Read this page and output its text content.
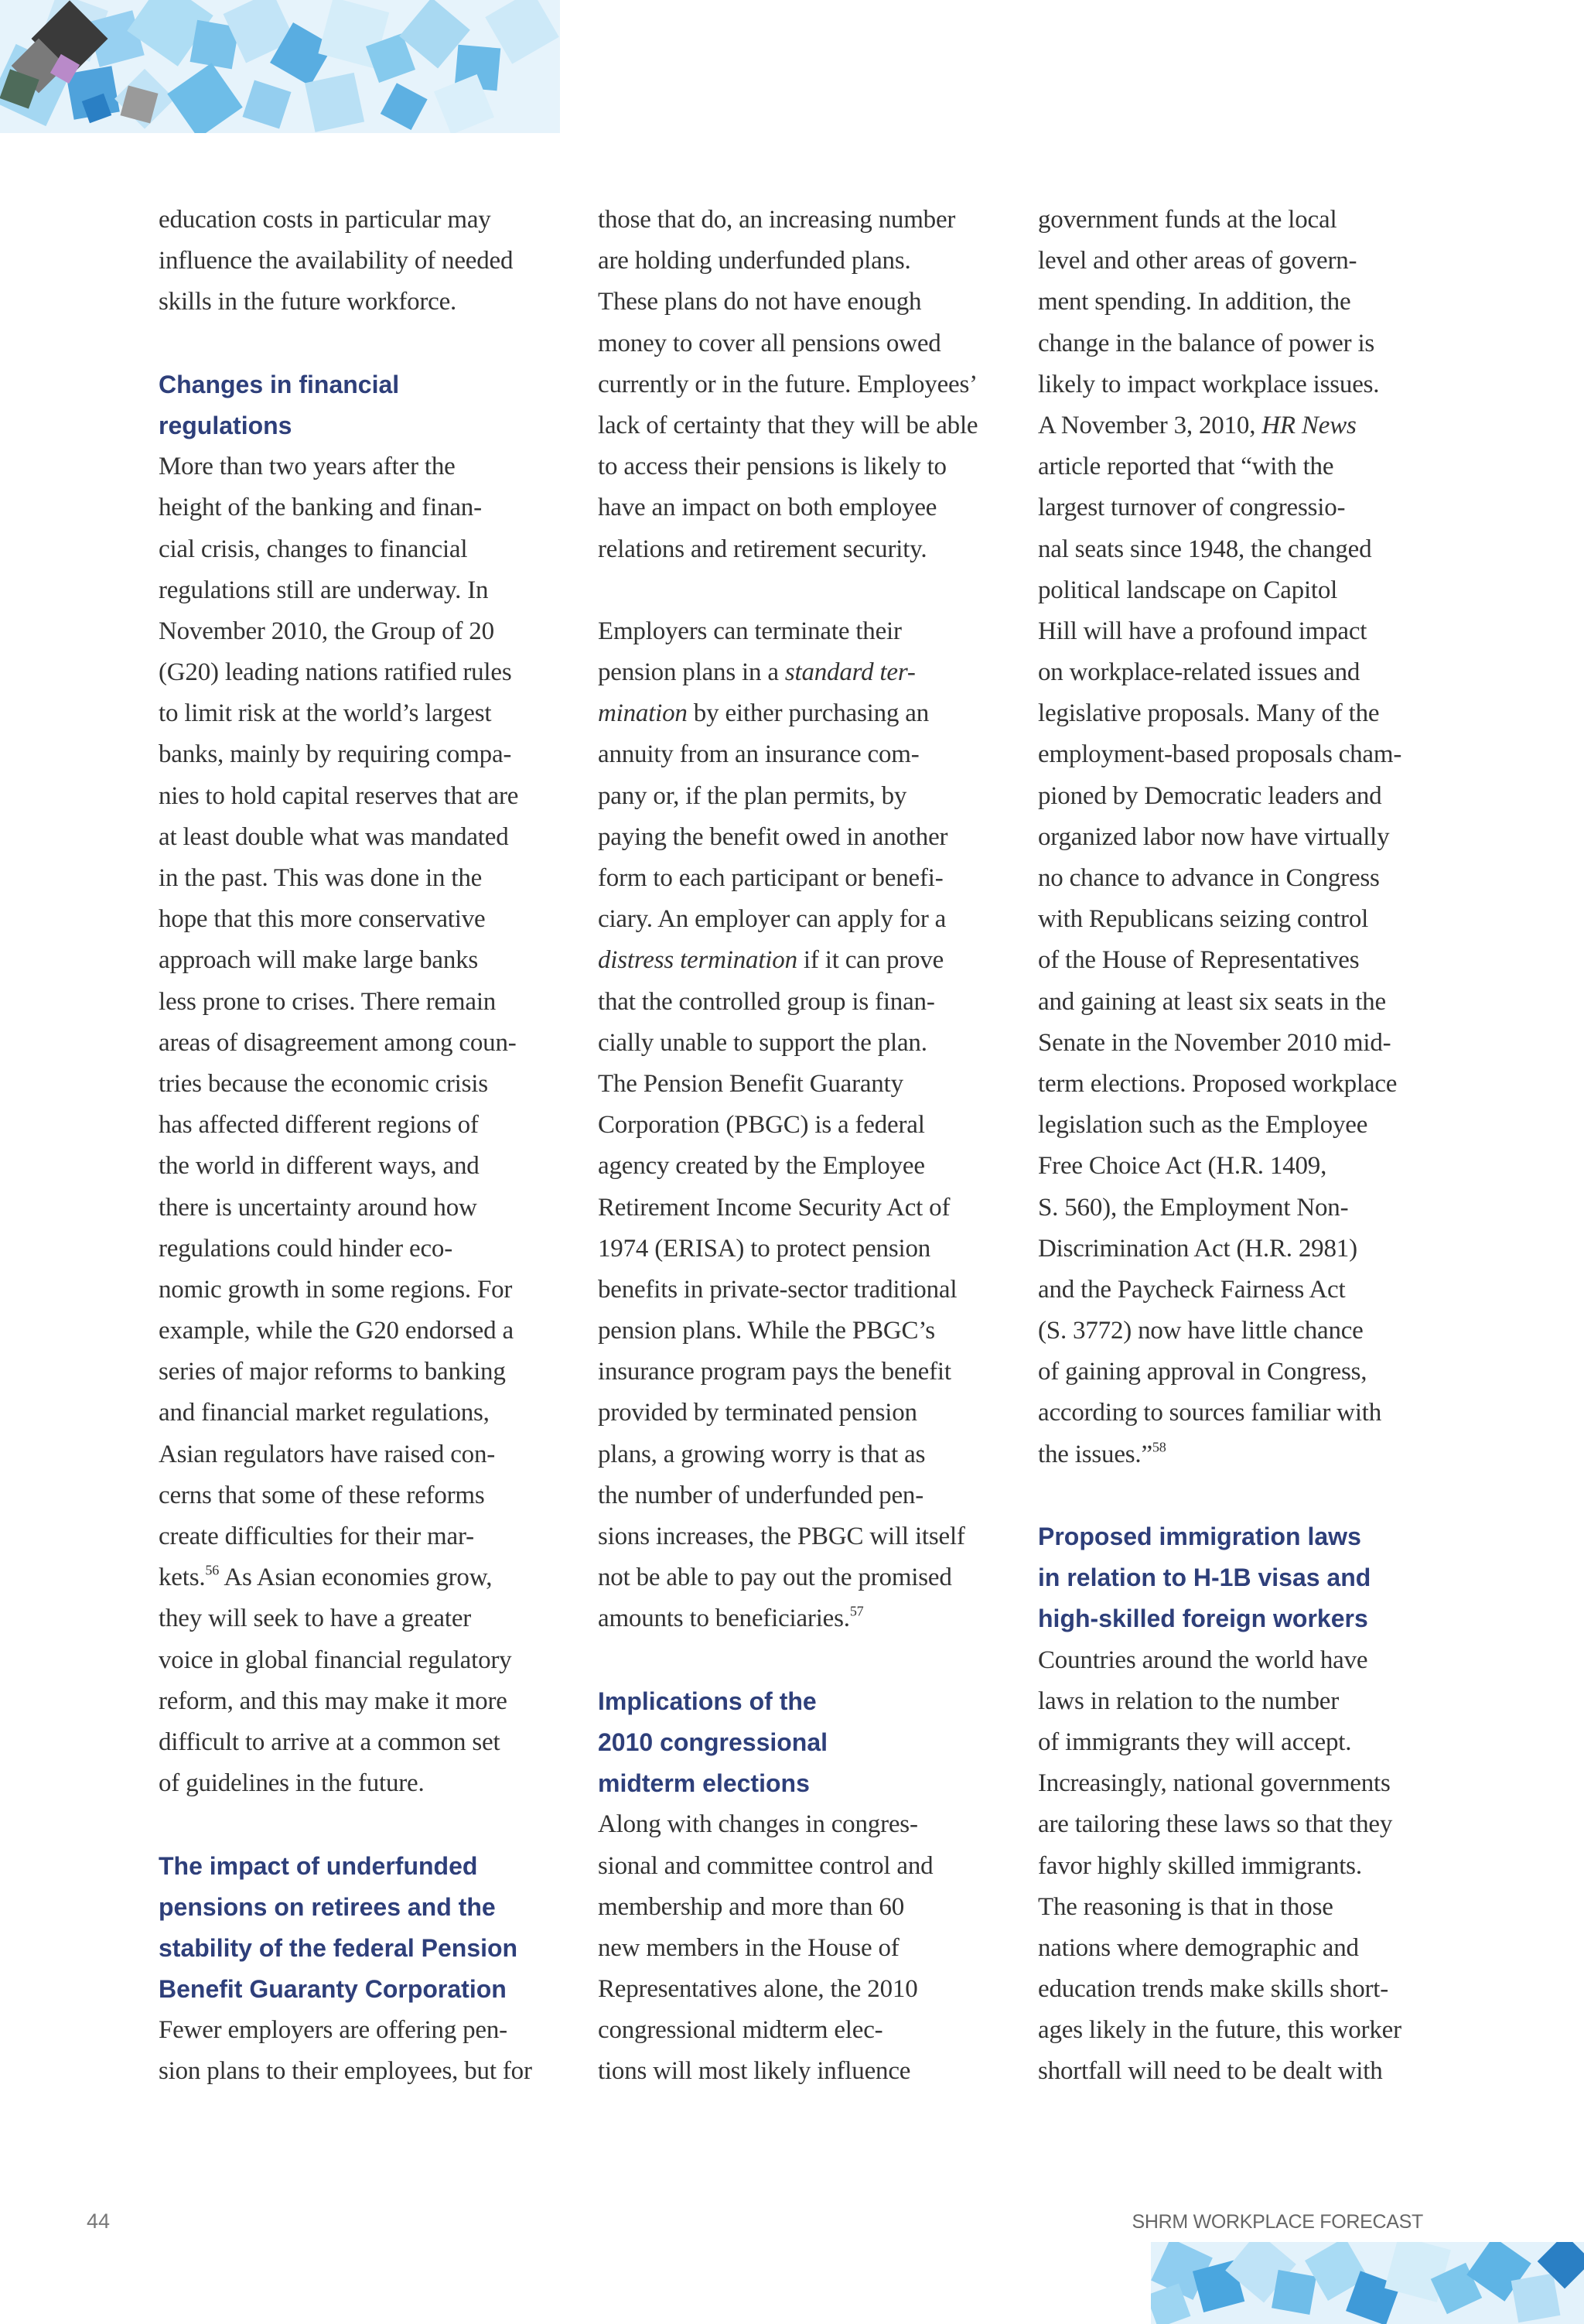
education costs in particular may
influence the availability of needed
skills in the future workforce.
Changes in financial
regulations
More than two years after the
height of the banking and finan-
cial crisis, changes to financial
regulations still are underway. In
November 2010, the Group of 20
(G20) leading nations ratified rules
to limit risk at the world’s largest
banks, mainly by requiring compa-
nies to hold capital reserves that are
at least double what was mandated
in the past. This was done in the
hope that this more conservative
approach will make large banks
less prone to crises. There remain
areas of disagreement among coun-
tries because the economic crisis
has affected different regions of
the world in different ways, and
there is uncertainty around how
regulations could hinder eco-
nomic growth in some regions. For
example, while the G20 endorsed a
series of major reforms to banking
and financial market regulations,
Asian regulators have raised con-
cerns that some of these reforms
create difficulties for their mar-
kets.$^{56}$ As Asian economies grow,
they will seek to have a greater
voice in global financial regulatory
reform, and this may make it more
difficult to arrive at a common set
of guidelines in the future.
The impact of underfunded
pensions on retirees and the
stability of the federal Pension
Benefit Guaranty Corporation
Fewer employers are offering pen-
sion plans to their employees, but for
those that do, an increasing number
are holding underfunded plans.
These plans do not have enough
money to cover all pensions owed
currently or in the future. Employees’
lack of certainty that they will be able
to access their pensions is likely to
have an impact on both employee
relations and retirement security.
Employers can terminate their
pension plans in a standard ter-
mination by either purchasing an
annuity from an insurance com-
pany or, if the plan permits, by
paying the benefit owed in another
form to each participant or benefi-
ciary. An employer can apply for a
distress termination if it can prove
that the controlled group is finan-
cially unable to support the plan.
The Pension Benefit Guaranty
Corporation (PBGC) is a federal
agency created by the Employee
Retirement Income Security Act of
1974 (ERISA) to protect pension
benefits in private-sector traditional
pension plans. While the PBGC’s
insurance program pays the benefit
provided by terminated pension
plans, a growing worry is that as
the number of underfunded pen-
sions increases, the PBGC will itself
not be able to pay out the promised
amounts to beneficiaries.$^{57}$
Implications of the
2010 congressional
midterm elections
Along with changes in congres-
sional and committee control and
membership and more than 60
new members in the House of
Representatives alone, the 2010
congressional midterm elec-
tions will most likely influence
government funds at the local
level and other areas of govern-
ment spending. In addition, the
change in the balance of power is
likely to impact workplace issues.
A November 3, 2010, HR News
article reported that “with the
largest turnover of congressio-
nal seats since 1948, the changed
political landscape on Capitol
Hill will have a profound impact
on workplace-related issues and
legislative proposals. Many of the
employment-based proposals cham-
pioned by Democratic leaders and
organized labor now have virtually
no chance to advance in Congress
with Republicans seizing control
of the House of Representatives
and gaining at least six seats in the
Senate in the November 2010 mid-
term elections. Proposed workplace
legislation such as the Employee
Free Choice Act (H.R. 1409,
S. 560), the Employment Non-
Discrimination Act (H.R. 2981)
and the Paycheck Fairness Act
(S. 3772) now have little chance
of gaining approval in Congress,
according to sources familiar with
the issues.”$^{58}$
Proposed immigration laws
in relation to H-1B visas and
high-skilled foreign workers
Countries around the world have
laws in relation to the number
of immigrants they will accept.
Increasingly, national governments
are tailoring these laws so that they
favor highly skilled immigrants.
The reasoning is that in those
nations where demographic and
education trends make skills short-
ages likely in the future, this worker
shortfall will need to be dealt with
44	SHRM WORKPLACE FORECAST
